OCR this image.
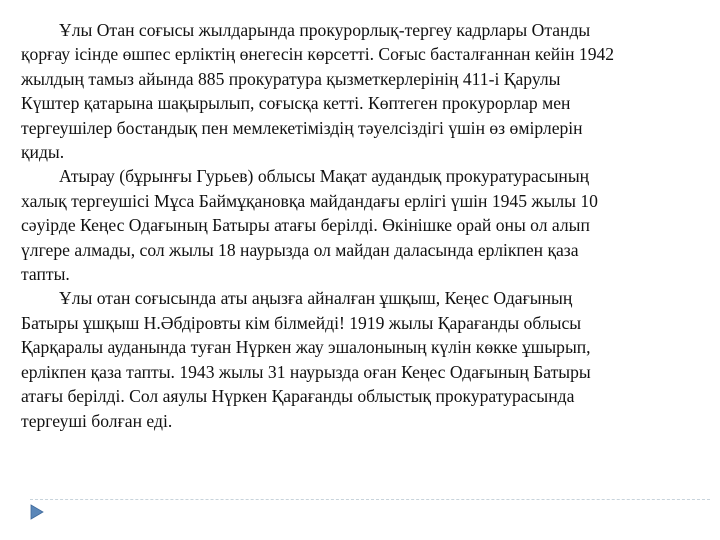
Ұлы Отан соғысы жылдарында прокурорлық-тергеу кадрлары Отанды
қорғау ісінде өшпес ерліктің өнегесін көрсетті. Соғыс басталғаннан кейін 1942
жылдың тамыз айында 885 прокуратура қызметкерлерінің 411-і Қарулы
Күштер қатарына шақырылып, соғысқа кетті. Көптеген прокурорлар мен
тергеушілер бостандық пен мемлекетіміздің тәуелсіздігі үшін өз өмірлерін
қиды.
Атырау (бұрынғы Гурьев) облысы Мақат аудандық прокуратурасының
халық тергеушісі Мұса Баймұқановқа майдандағы ерлігі үшін 1945 жылы 10
сәуірде Кеңес Одағының Батыры атағы берілді. Өкінішке орай оны ол алып
үлгере алмады, сол жылы 18 наурызда ол майдан даласында ерлікпен қаза
тапты.
Ұлы отан соғысында аты аңызға айналған ұшқыш, Кеңес Одағының
Батыры ұшқыш Н.Әбдіровты кім білмейді! 1919 жылы Қарағанды облысы
Қарқаралы ауданында туған Нүркен жау эшалонының күлін көкке ұшырып,
ерлікпен қаза тапты. 1943 жылы 31 наурызда оған Кеңес Одағының Батыры
атағы берілді. Сол аяулы Нүркен Қарағанды облыстық прокуратурасында
тергеуші болған еді.
